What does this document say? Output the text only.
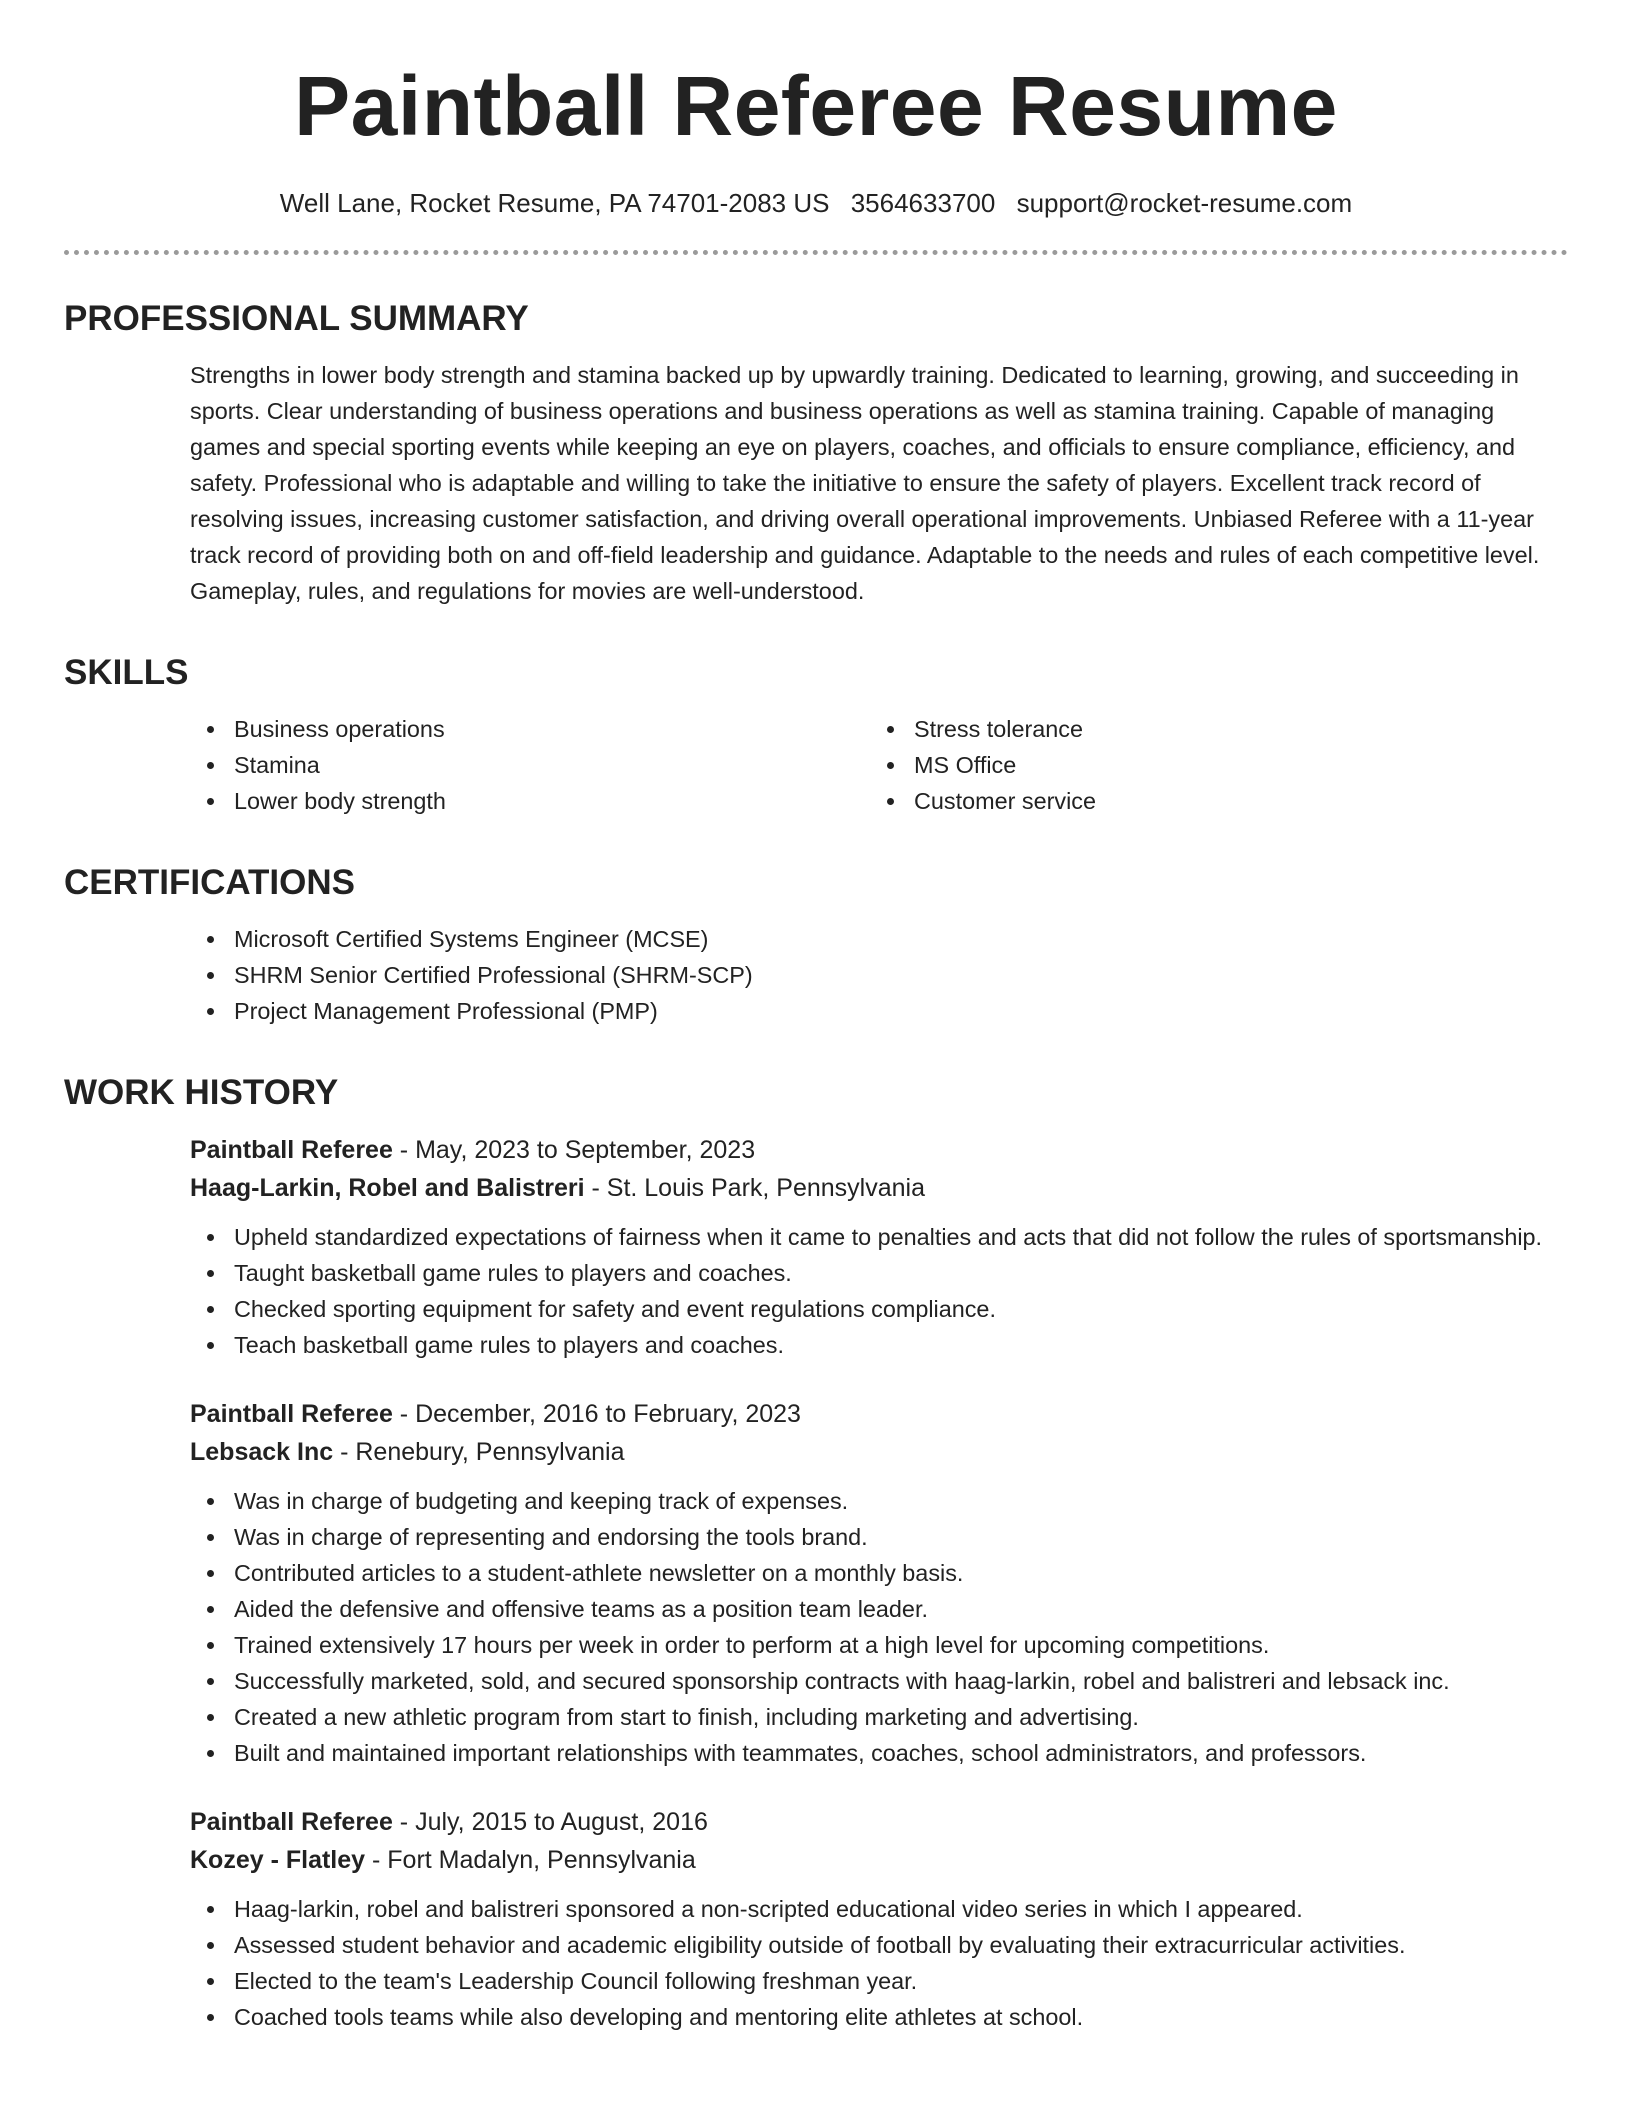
Paintball Referee Resume
Well Lane, Rocket Resume, PA 74701-2083 US 3564633700 support@rocket-resume.com
PROFESSIONAL SUMMARY

Strengths in lower body strength and stamina backed up by upwardly training. Dedicated to learning, growing, and succeeding in sports. Clear understanding of business operations and business operations as well as stamina training. Capable of managing games and special sporting events while keeping an eye on players, coaches, and officials to ensure compliance, efficiency, and safety. Professional who is adaptable and willing to take the initiative to ensure the safety of players. Excellent track record of resolving issues, increasing customer satisfaction, and driving overall operational improvements. Unbiased Referee with a 11-year track record of providing both on and off-field leadership and guidance. Adaptable to the needs and rules of each competitive level. Gameplay, rules, and regulations for movies are well-understood.

SKILLS
Business operations
Stamina
Lower body strength
Stress tolerance
MS Office
Customer service
CERTIFICATIONS
Microsoft Certified Systems Engineer (MCSE)
SHRM Senior Certified Professional (SHRM-SCP)
Project Management Professional (PMP)
WORK HISTORY
Paintball Referee - May, 2023 to September, 2023
Haag-Larkin, Robel and Balistreri - St. Louis Park, Pennsylvania
Upheld standardized expectations of fairness when it came to penalties and acts that did not follow the rules of sportsmanship.
Taught basketball game rules to players and coaches.
Checked sporting equipment for safety and event regulations compliance.
Teach basketball game rules to players and coaches.
Paintball Referee - December, 2016 to February, 2023
Lebsack Inc - Renebury, Pennsylvania
Was in charge of budgeting and keeping track of expenses.
Was in charge of representing and endorsing the tools brand.
Contributed articles to a student-athlete newsletter on a monthly basis.
Aided the defensive and offensive teams as a position team leader.
Trained extensively 17 hours per week in order to perform at a high level for upcoming competitions.
Successfully marketed, sold, and secured sponsorship contracts with haag-larkin, robel and balistreri and lebsack inc.
Created a new athletic program from start to finish, including marketing and advertising.
Built and maintained important relationships with teammates, coaches, school administrators, and professors.
Paintball Referee - July, 2015 to August, 2016
Kozey - Flatley - Fort Madalyn, Pennsylvania
Haag-larkin, robel and balistreri sponsored a non-scripted educational video series in which I appeared.
Assessed student behavior and academic eligibility outside of football by evaluating their extracurricular activities.
Elected to the team's Leadership Council following freshman year.
Coached tools teams while also developing and mentoring elite athletes at school.
